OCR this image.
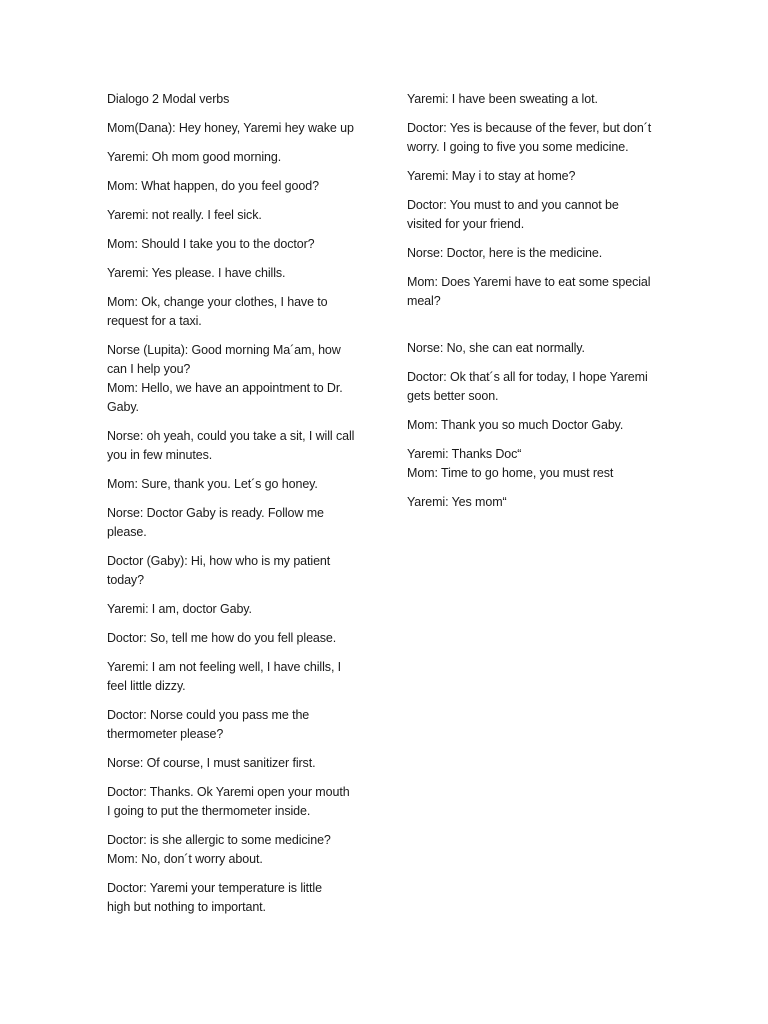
Dialogo 2 Modal verbs

Mom(Dana): Hey honey, Yaremi hey wake up

Yaremi: Oh mom good morning.

Mom: What happen, do you feel good?

Yaremi: not really. I feel sick.

Mom: Should I take you to the doctor?

Yaremi: Yes please. I have chills.

Mom: Ok, change your clothes, I have to
request for a taxi.

Norse (Lupita): Good morning Ma´am, how
can I help you?
Mom: Hello, we have an appointment to Dr.
Gaby.

Norse: oh yeah, could you take a sit, I will call
you in few minutes.

Mom: Sure, thank you. Let´s go honey.

Norse: Doctor Gaby is ready. Follow me
please.

Doctor (Gaby): Hi, how who is my patient
today?

Yaremi: I am, doctor Gaby.

Doctor: So, tell me how do you fell please.

Yaremi: I am not feeling well, I have chills, I
feel little dizzy.

Doctor: Norse could you pass me the
thermometer please?

Norse: Of course, I must sanitizer first.

Doctor: Thanks. Ok Yaremi open your mouth
I going to put the thermometer inside.

Doctor: is she allergic to some medicine?
Mom: No, don´t worry about.

Doctor: Yaremi your temperature is little
high but nothing to important.

Yaremi: I have been sweating a lot.

Doctor: Yes is because of the fever, but don´t
worry. I going to five you some medicine.

Yaremi: May i to stay at home?

Doctor: You must to and you cannot be
visited for your friend.

Norse: Doctor, here is the medicine.

Mom: Does Yaremi have to eat some special
meal?

Norse: No, she can eat normally.

Doctor: Ok that´s all for today, I hope Yaremi
gets better soon.

Mom: Thank you so much Doctor Gaby.

Yaremi: Thanks Doc“
Mom: Time to go home, you must rest

Yaremi: Yes mom“
